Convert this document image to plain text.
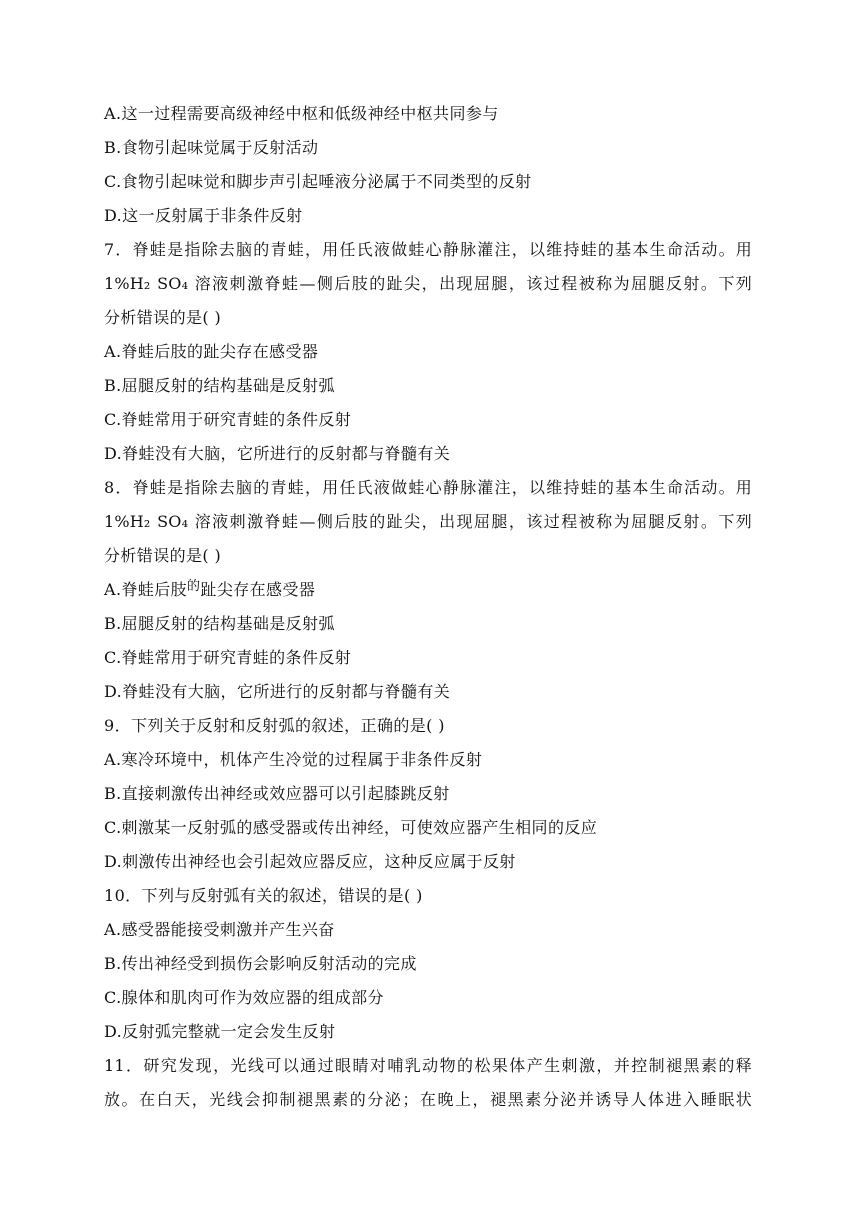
A.这一过程需要高级神经中枢和低级神经中枢共同参与
B.食物引起味觉属于反射活动
C.食物引起味觉和脚步声引起唾液分泌属于不同类型的反射
D.这一反射属于非条件反射
7．脊蛙是指除去脑的青蛙，用任氏液做蛙心静脉灌注，以维持蛙的基本生命活动。用
1%H₂ SO₄ 溶液刺激脊蛙—侧后肢的趾尖，出现屈腿，该过程被称为屈腿反射。下列
分析错误的是( )
A.脊蛙后肢的趾尖存在感受器
B.屈腿反射的结构基础是反射弧
C.脊蛙常用于研究青蛙的条件反射
D.脊蛙没有大脑，它所进行的反射都与脊髓有关
8．脊蛙是指除去脑的青蛙，用任氏液做蛙心静脉灌注，以维持蛙的基本生命活动。用
1%H₂ SO₄ 溶液刺激脊蛙—侧后肢的趾尖，出现屈腿，该过程被称为屈腿反射。下列
分析错误的是( )
A.脊蛙后肢$^的$趾尖存在感受器
B.屈腿反射的结构基础是反射弧
C.脊蛙常用于研究青蛙的条件反射
D.脊蛙没有大脑，它所进行的反射都与脊髓有关
9．下列关于反射和反射弧的叙述，正确的是( )
A.寒冷环境中，机体产生冷觉的过程属于非条件反射
B.直接刺激传出神经或效应器可以引起膝跳反射
C.刺激某一反射弧的感受器或传出神经，可使效应器产生相同的反应
D.刺激传出神经也会引起效应器反应，这种反应属于反射
10．下列与反射弧有关的叙述，错误的是( )
A.感受器能接受刺激并产生兴奋
B.传出神经受到损伤会影响反射活动的完成
C.腺体和肌肉可作为效应器的组成部分
D.反射弧完整就一定会发生反射
11．研究发现，光线可以通过眼睛对哺乳动物的松果体产生刺激，并控制褪黑素的释
放。在白天，光线会抑制褪黑素的分泌；在晚上，褪黑素分泌并诱导人体进入睡眠状
